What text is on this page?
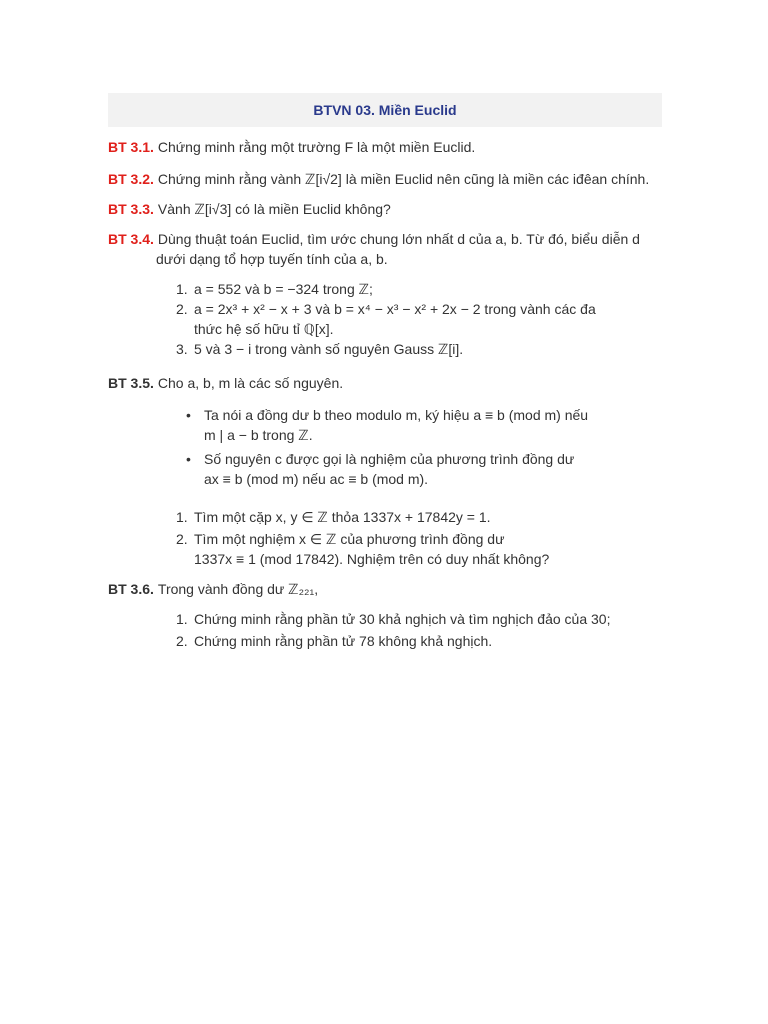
BTVN 03. Miền Euclid
BT 3.1. Chứng minh rằng một trường F là một miền Euclid.
BT 3.2. Chứng minh rằng vành ℤ[i√2] là miền Euclid nên cũng là miền các iđêan chính.
BT 3.3. Vành ℤ[i√3] có là miền Euclid không?
BT 3.4. Dùng thuật toán Euclid, tìm ước chung lớn nhất d của a, b. Từ đó, biểu diễn d
dưới dạng tổ hợp tuyến tính của a, b.
1. a = 552 và b = −324 trong ℤ;
2. a = 2x³ + x² − x + 3 và b = x⁴ − x³ − x² + 2x − 2 trong vành các đa
thức hệ số hữu tỉ ℚ[x].
3. 5 và 3 − i trong vành số nguyên Gauss ℤ[i].
BT 3.5. Cho a, b, m là các số nguyên.
• Ta nói a đồng dư b theo modulo m, ký hiệu a ≡ b (mod m) nếu
m | a − b trong ℤ.
• Số nguyên c được gọi là nghiệm của phương trình đồng dư
ax ≡ b (mod m) nếu ac ≡ b (mod m).
1. Tìm một cặp x, y ∈ ℤ thỏa 1337x + 17842y = 1.
2. Tìm một nghiệm x ∈ ℤ của phương trình đồng dư
1337x ≡ 1 (mod 17842). Nghiệm trên có duy nhất không?
BT 3.6. Trong vành đồng dư ℤ₂₂₁,
1. Chứng minh rằng phần tử 30 khả nghịch và tìm nghịch đảo của 30;
2. Chứng minh rằng phần tử 78 không khả nghịch.
